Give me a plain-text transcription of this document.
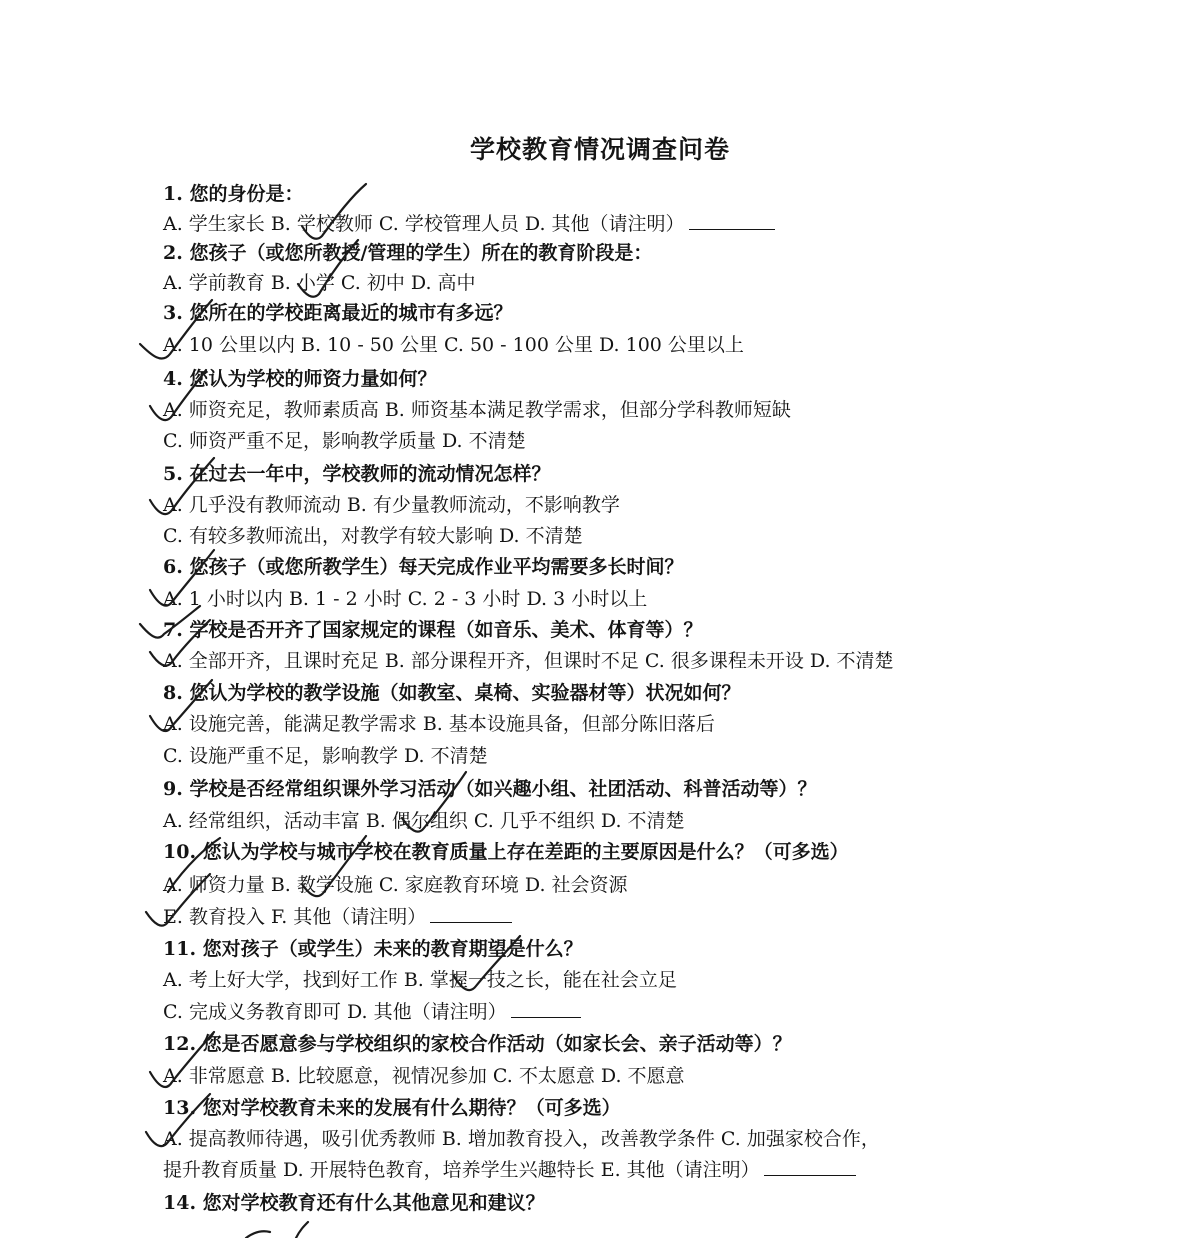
学校教育情况调查问卷
1. 您的身份是：
A. 学生家长 B. 学校教师 C. 学校管理人员 D. 其他（请注明）
2. 您孩子（或您所教授/管理的学生）所在的教育阶段是：
A. 学前教育 B. 小学 C. 初中 D. 高中
3. 您所在的学校距离最近的城市有多远？
A. 10 公里以内 B. 10 - 50 公里 C. 50 - 100 公里 D. 100 公里以上
4. 您认为学校的师资力量如何？
A. 师资充足，教师素质高 B. 师资基本满足教学需求，但部分学科教师短缺
C. 师资严重不足，影响教学质量 D. 不清楚
5. 在过去一年中，学校教师的流动情况怎样？
A. 几乎没有教师流动 B. 有少量教师流动，不影响教学
C. 有较多教师流出，对教学有较大影响 D. 不清楚
6. 您孩子（或您所教学生）每天完成作业平均需要多长时间？
A. 1 小时以内 B. 1 - 2 小时 C. 2 - 3 小时 D. 3 小时以上
7. 学校是否开齐了国家规定的课程（如音乐、美术、体育等）？
A. 全部开齐，且课时充足 B. 部分课程开齐，但课时不足 C. 很多课程未开设 D. 不清楚
8. 您认为学校的教学设施（如教室、桌椅、实验器材等）状况如何？
A. 设施完善，能满足教学需求 B. 基本设施具备，但部分陈旧落后
C. 设施严重不足，影响教学 D. 不清楚
9. 学校是否经常组织课外学习活动（如兴趣小组、社团活动、科普活动等）？
A. 经常组织，活动丰富 B. 偶尔组织 C. 几乎不组织 D. 不清楚
10. 您认为学校与城市学校在教育质量上存在差距的主要原因是什么？（可多选）
A. 师资力量 B. 教学设施 C. 家庭教育环境 D. 社会资源
E. 教育投入 F. 其他（请注明）
11. 您对孩子（或学生）未来的教育期望是什么？
A. 考上好大学，找到好工作 B. 掌握一技之长，能在社会立足
C. 完成义务教育即可 D. 其他（请注明）
12. 您是否愿意参与学校组织的家校合作活动（如家长会、亲子活动等）？
A. 非常愿意 B. 比较愿意，视情况参加 C. 不太愿意 D. 不愿意
13. 您对学校教育未来的发展有什么期待？（可多选）
A. 提高教师待遇，吸引优秀教师 B. 增加教育投入，改善教学条件 C. 加强家校合作，
提升教育质量 D. 开展特色教育，培养学生兴趣特长 E. 其他（请注明）
14. 您对学校教育还有什么其他意见和建议？
